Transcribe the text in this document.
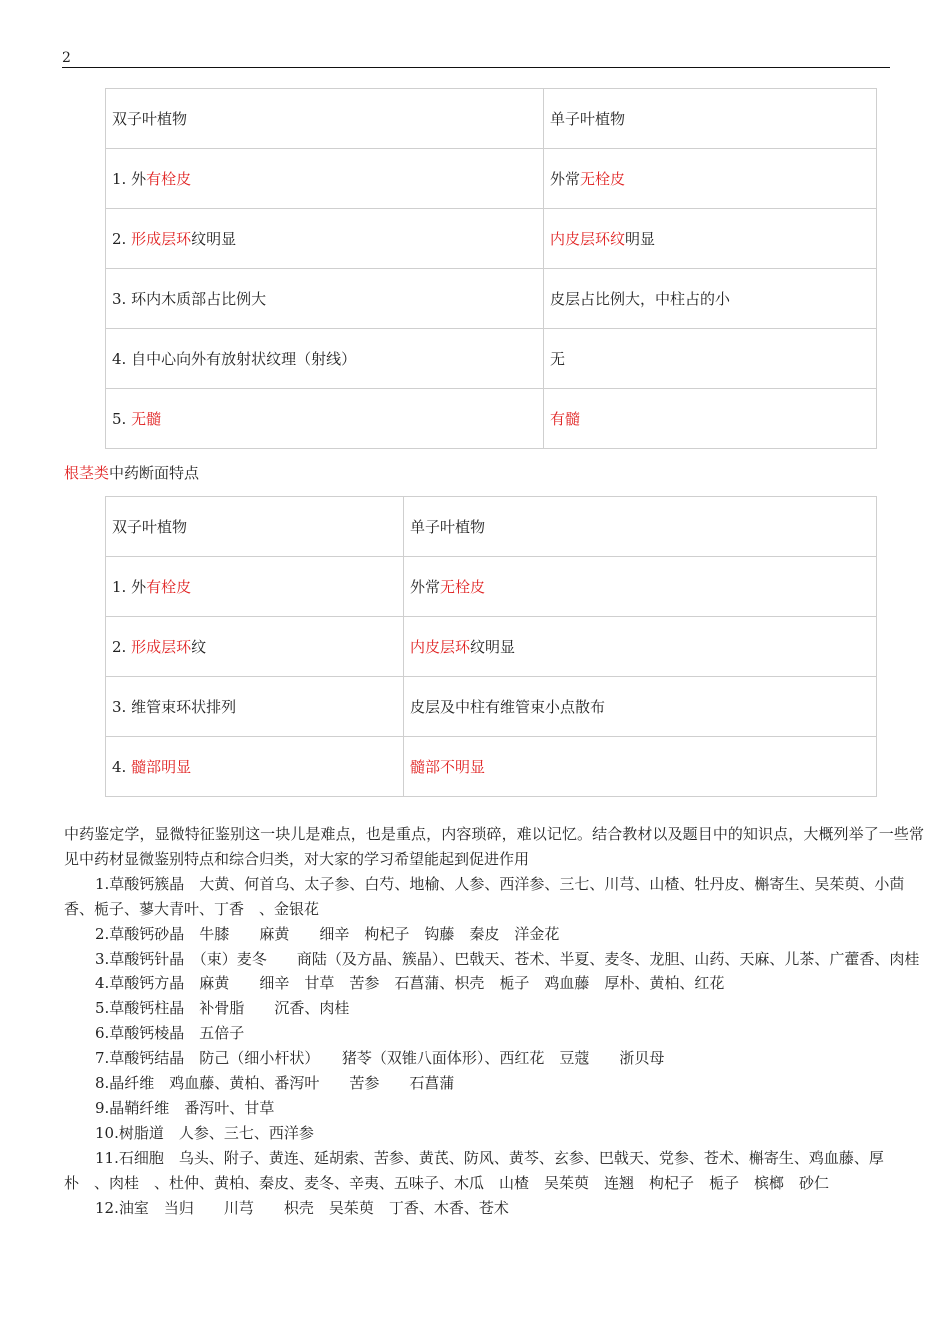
2
双子叶植物	单子叶植物
1. 外有栓皮	外常无栓皮
2. 形成层环纹明显	内皮层环纹明显
3. 环内木质部占比例大	皮层占比例大，中柱占的小
4. 自中心向外有放射状纹理（射线）	无
5. 无髓	有髓
根茎类中药断面特点
双子叶植物	单子叶植物
1. 外有栓皮	外常无栓皮
2. 形成层环纹	内皮层环纹明显
3. 维管束环状排列	皮层及中柱有维管束小点散布
4. 髓部明显	髓部不明显

中药鉴定学，显微特征鉴别这一块儿是难点，也是重点，内容琐碎，难以记忆。结合教材以及题目中的知识点，大概列举了一些常见中药材显微鉴别特点和综合归类，对大家的学习希望能起到促进作用

1.草酸钙簇晶　大黄、何首乌、太子参、白芍、地榆、人参、西洋参、三七、川芎、山楂、牡丹皮、槲寄生、吴茱萸、小茴香、栀子、蓼大青叶、丁香　、金银花

2.草酸钙砂晶　牛膝　　麻黄　　细辛　枸杞子　钩藤　秦皮　洋金花

3.草酸钙针晶　（束）麦冬　　商陆（及方晶、簇晶）、巴戟天、苍术、半夏、麦冬、龙胆、山药、天麻、儿茶、广藿香、肉桂

4.草酸钙方晶　麻黄　　细辛　甘草　苦参　石菖蒲、枳壳　栀子　鸡血藤　厚朴、黄柏、红花

5.草酸钙柱晶　补骨脂　　沉香、肉桂

6.草酸钙棱晶　五倍子

7.草酸钙结晶　防己（细小杆状）　　猪苓（双锥八面体形）、西红花　豆蔻　　浙贝母

8.晶纤维　鸡血藤、黄柏、番泻叶　　苦参　　石菖蒲

9.晶鞘纤维　番泻叶、甘草

10.树脂道　人参、三七、西洋参

11.石细胞　乌头、附子、黄连、延胡索、苦参、黄芪、防风、黄芩、玄参、巴戟天、党参、苍术、槲寄生、鸡血藤、厚朴　、肉桂　、杜仲、黄柏、秦皮、麦冬、辛夷、五味子、木瓜　山楂　吴茱萸　连翘　枸杞子　栀子　槟榔　砂仁

12.油室　当归　　川芎　　枳壳　吴茱萸　丁香、木香、苍术
